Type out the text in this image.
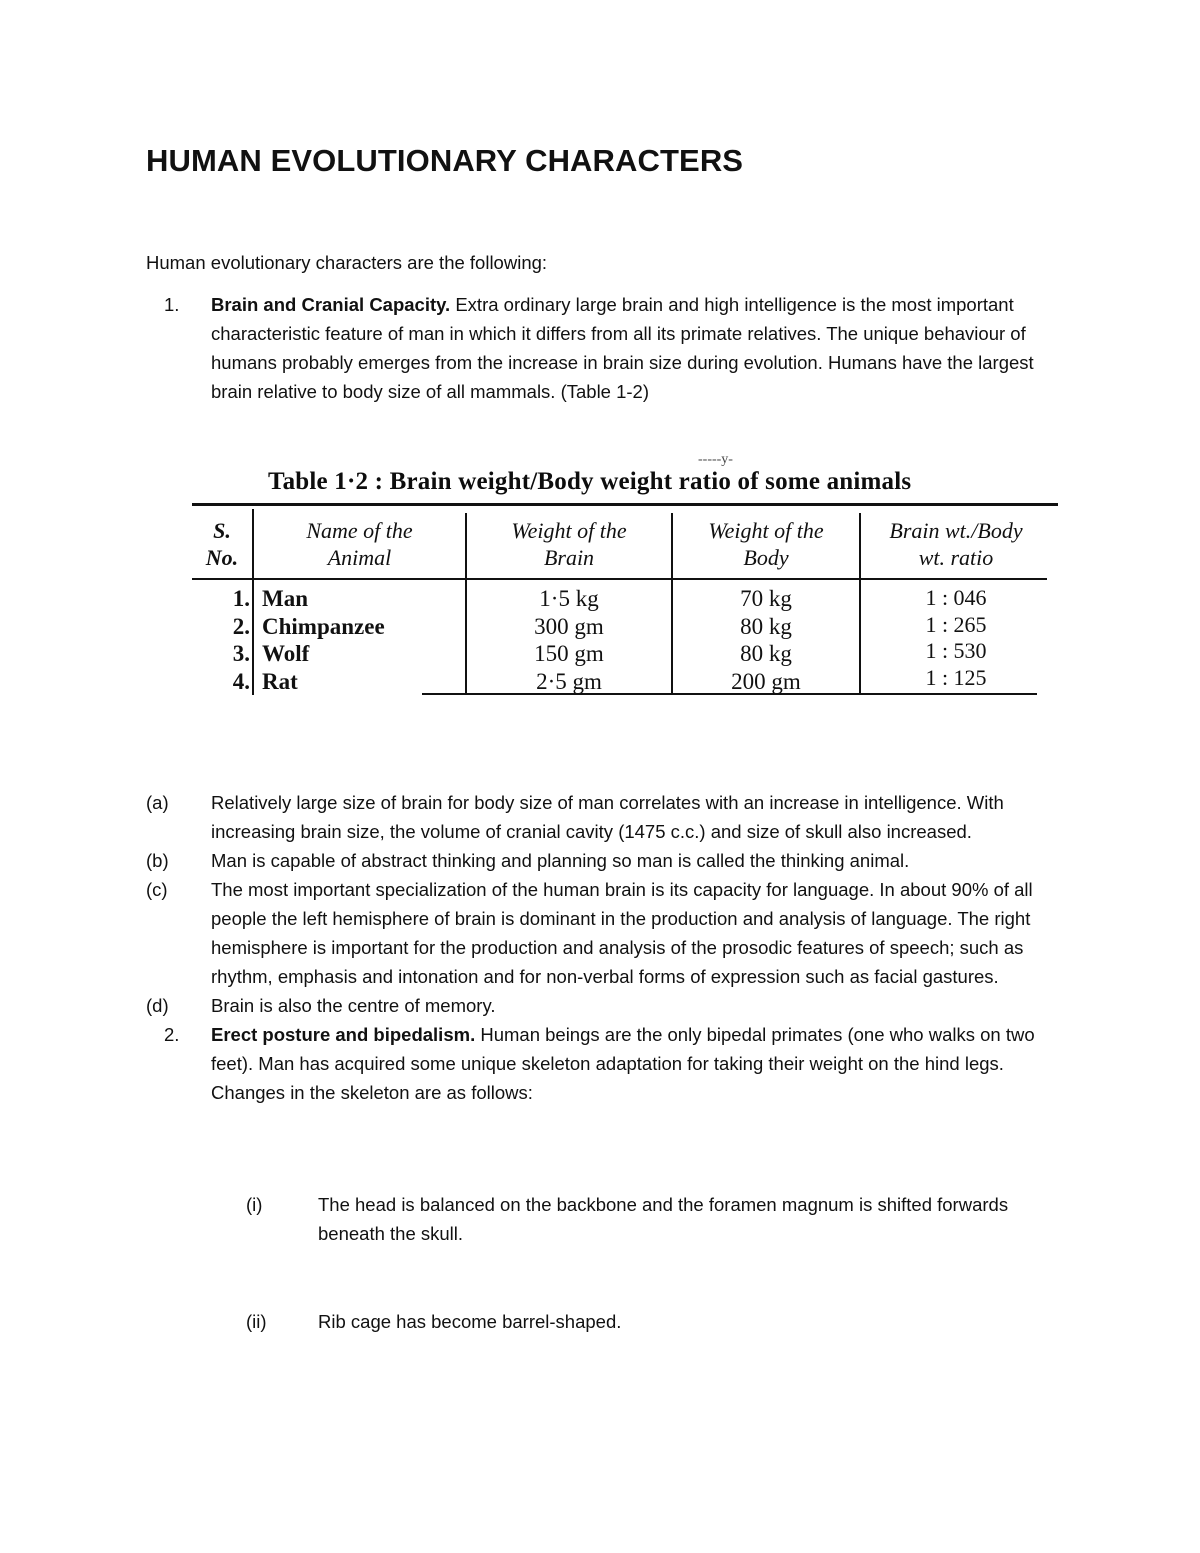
HUMAN EVOLUTIONARY CHARACTERS

Human evolutionary characters are the following:

1. Brain and Cranial Capacity. Extra ordinary large brain and high intelligence is the most important characteristic feature of man in which it differs from all its primate relatives. The unique behaviour of humans probably emerges from the increase in brain size during evolution. Humans have the largest brain relative to body size of all mammals. (Table 1-2)
-----y-

Table 1·2 : Brain weight/Body weight ratio of some animals

S.
No.
Name of the
Animal
Weight of the
Brain
Weight of the
Body
Brain wt./Body
wt. ratio
1.
2.
3.
4.
Man
Chimpanzee
Wolf
Rat
1·5 kg
300 gm
150 gm
2·5 gm
70 kg
80 kg
80 kg
200 gm
1 : 046
1 : 265
1 : 530
1 : 125
(a) Relatively large size of brain for body size of man correlates with an increase in intelligence. With increasing brain size, the volume of cranial cavity (1475 c.c.) and size of skull also increased.
(b) Man is capable of abstract thinking and planning so man is called the thinking animal.
(c) The most important specialization of the human brain is its capacity for language. In about 90% of all people the left hemisphere of brain is dominant in the production and analysis of language. The right hemisphere is important for the production and analysis of the prosodic features of speech; such as rhythm, emphasis and intonation and for non-verbal forms of expression such as facial gastures.
(d) Brain is also the centre of memory.
2. Erect posture and bipedalism. Human beings are the only bipedal primates (one who walks on two feet). Man has acquired some unique skeleton adaptation for taking their weight on the hind legs. Changes in the skeleton are as follows:
(i)	The head is balanced on the backbone and the foramen magnum is shifted forwards beneath the skull.
(ii)	Rib cage has become barrel-shaped.
